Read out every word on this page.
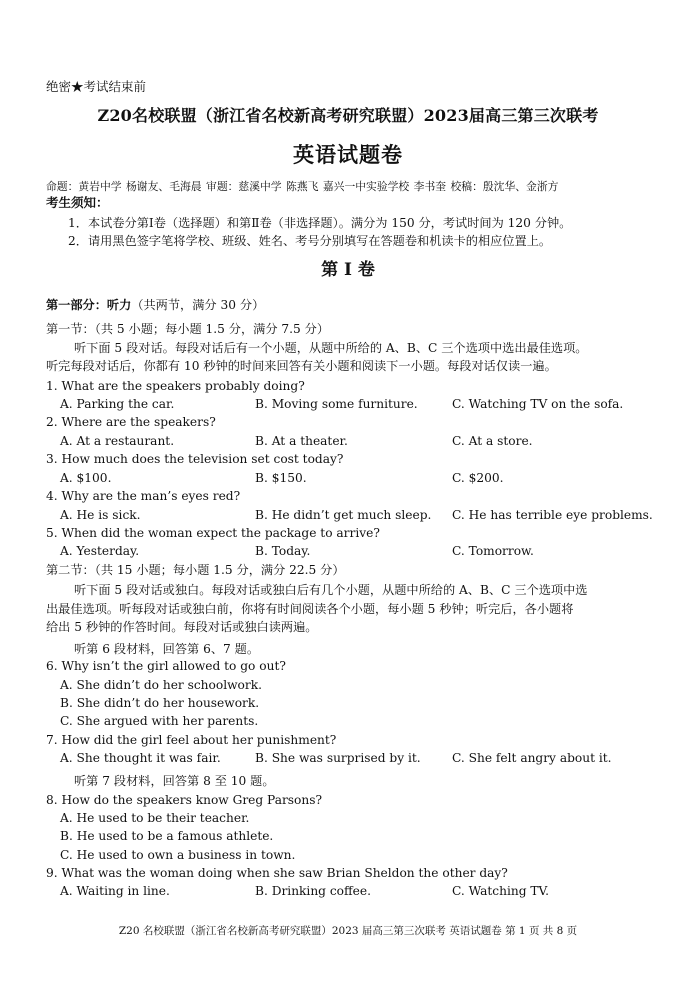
绝密★考试结束前
Z20名校联盟（浙江省名校新高考研究联盟）2023届高三第三次联考
英语试题卷
命题：黄岩中学 杨谢友、毛海晨 审题：慈溪中学 陈燕飞 嘉兴一中实验学校 李书奎 校稿：殷沈华、金浙方
考生须知：
1．本试卷分第Ⅰ卷（选择题）和第Ⅱ卷（非选择题）。满分为 150 分，考试时间为 120 分钟。
2．请用黑色签字笔将学校、班级、姓名、考号分别填写在答题卷和机读卡的相应位置上。
第 I 卷
第一部分：听力（共两节，满分 30 分）
第一节：（共 5 小题；每小题 1.5 分，满分 7.5 分）
听下面 5 段对话。每段对话后有一个小题，从题中所给的 A、B、C 三个选项中选出最佳选项。
听完每段对话后，你都有 10 秒钟的时间来回答有关小题和阅读下一小题。每段对话仅读一遍。
1. What are the speakers probably doing?
A. Parking the car.	B. Moving some furniture.	C. Watching TV on the sofa.
2. Where are the speakers?
A. At a restaurant.	B. At a theater.	C. At a store.
3. How much does the television set cost today?
A. $100.	B. $150.	C. $200.
4. Why are the man’s eyes red?
A. He is sick.	B. He didn’t get much sleep. C. He has terrible eye problems.
5. When did the woman expect the package to arrive?
A. Yesterday.	B. Today.	C. Tomorrow.
第二节：（共 15 小题；每小题 1.5 分，满分 22.5 分）
听下面 5 段对话或独白。每段对话或独白后有几个小题，从题中所给的 A、B、C 三个选项中选
出最佳选项。听每段对话或独白前，你将有时间阅读各个小题，每小题 5 秒钟；听完后，各小题将
给出 5 秒钟的作答时间。每段对话或独白读两遍。
听第 6 段材料，回答第 6、7 题。
6. Why isn’t the girl allowed to go out?
A. She didn’t do her schoolwork.
B. She didn’t do her housework.
C. She argued with her parents.
7. How did the girl feel about her punishment?
A. She thought it was fair.	B. She was surprised by it.	C. She felt angry about it.
听第 7 段材料，回答第 8 至 10 题。
8. How do the speakers know Greg Parsons?
A. He used to be their teacher.
B. He used to be a famous athlete.
C. He used to own a business in town.
9. What was the woman doing when she saw Brian Sheldon the other day?
A. Waiting in line.	B. Drinking coffee.	C. Watching TV.
Z20 名校联盟（浙江省名校新高考研究联盟）2023 届高三第三次联考 英语试题卷 第 1 页 共 8 页
